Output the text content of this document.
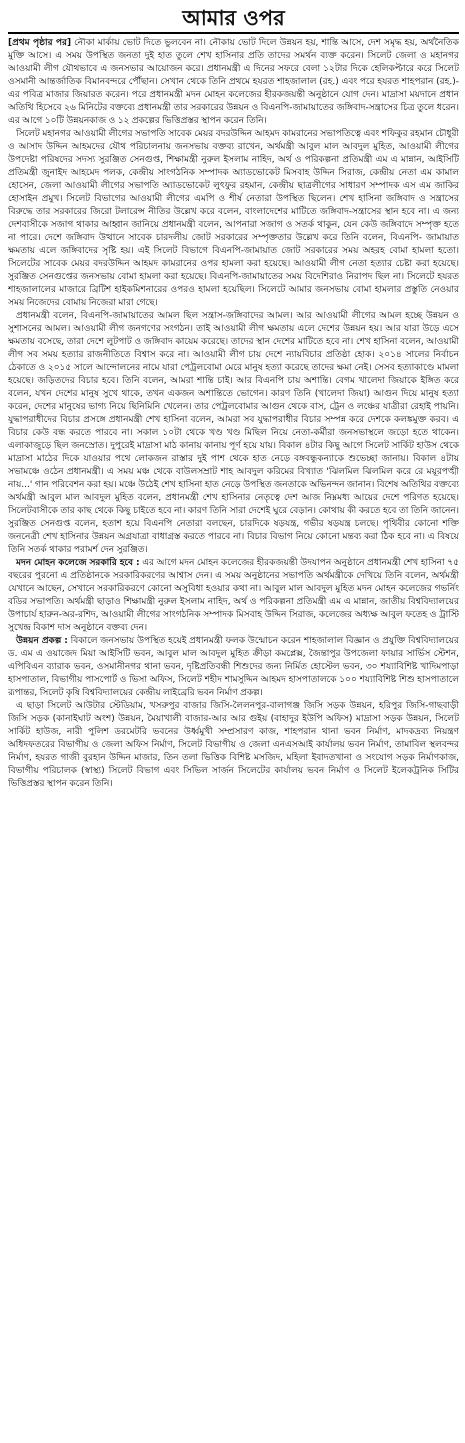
আমার ওপর

[প্রথম পৃষ্ঠার পর] নৌকা মার্কায় ভোট দিতে ভুলবেন না। নৌকায় ভোট দিলে উন্নয়ন হয়, শান্তি আসে, দেশ সমৃদ্ধ হয়, অর্থনৈতিক মুক্তি আসে। এ সময় উপস্থিত জনতা দুই হাত তুলে শেখ হাসিনার প্রতি তাদের সমর্থন ব্যক্ত করেন। সিলেট জেলা ও মহানগর আওয়ামী লীগ যৌথভাবে এ জনসভার আয়োজন করে। প্রধানমন্ত্রী এ দিনের সফরে বেলা ১২টার দিকে হেলিকপ্টারে করে সিলেট ওসমানী আন্তর্জাতিক বিমানবন্দরে পৌঁছান। সেখান থেকে তিনি প্রথমে হযরত শাহজালাল (রহ.) এবং পরে হযরত শাহপরান (রহ.)-এর পবিত্র মাজার জিয়ারত করেন। পরে প্রধানমন্ত্রী মদন মোহন কলেজের হীরকজয়ন্তী অনুষ্ঠানে যোগ দেন। মাদ্রাসা ময়দানে প্রধান অতিথি হিসেবে ২৬ মিনিটের বক্তব্যে প্রধানমন্ত্রী তার সরকারের উন্নয়ন ও বিএনপি-জামায়াতের জঙ্গিবাদ-সন্ত্রাসের চিত্র তুলে ধরেন। এর আগে ১০টি উন্নয়নকাজ ও ১২ প্রকল্পের ভিত্তিপ্রস্তর স্থাপন করেন তিনি।

সিলেট মহানগর আওয়ামী লীগের সভাপতি সাবেক মেয়র বদরউদ্দিন আহমদ কামরানের সভাপতিত্বে এবং শফিকুর রহমান চৌধুরী ও আসাদ উদ্দিন আহমদের যৌথ পরিচালনায় জনসভায় বক্তব্য রাখেন, অর্থমন্ত্রী আবুল মাল আবদুল মুহিত, আওয়ামী লীগের উপদেষ্টা পরিষদের সদস্য সুরঞ্জিত সেনগুপ্ত, শিক্ষামন্ত্রী নুরুল ইসলাম নাহিদ, অর্থ ও পরিকল্পনা প্রতিমন্ত্রী এম এ মান্নান, আইসিটি প্রতিমন্ত্রী জুনাইদ আহমেদ পলক, কেন্দ্রীয় সাংগঠনিক সম্পাদক অ্যাডভোকেট মিসবাহ উদ্দিন সিরাজ, কেন্দ্রীয় নেতা এম কামাল হোসেন, জেলা আওয়ামী লীগের সভাপতি অ্যাডভোকেট লুৎফুর রহমান, কেন্দ্রীয় ছাত্রলীগের সাধারণ সম্পাদক এস এম জাকির হোসাইন প্রমুখ। সিলেট বিভাগের আওয়ামী লীগের এমপি ও শীর্ষ নেতারা উপস্থিত ছিলেন। শেখ হাসিনা জঙ্গিবাদ ও সন্ত্রাসের বিরুদ্ধে তার সরকারের জিরো টলারেন্স নীতির উল্লেখ করে বলেন, বাংলাদেশের মাটিতে জঙ্গিবাদ-সন্ত্রাসের স্থান হবে না। এ জন্য দেশবাসীকে সজাগ থাকার আহ্বান জানিয়ে প্রধানমন্ত্রী বলেন, আপনারা সজাগ ও সতর্ক থাকুন, যেন কেউ জঙ্গিবাদে সম্পৃক্ত হতে না পারে। দেশে জঙ্গিবাদ উত্থানে সাবেক চারদলীয় জোট সরকারের সম্পৃক্ততার উল্লেখ করে তিনি বলেন, বিএনপি- জামায়াত ক্ষমতায় এলে জঙ্গিবাদের সৃষ্টি হয়। এই সিলেট বিভাগে বিএনপি-জামায়াত জোট সরকারের সময় অহরহ বোমা হামলা হতো। সিলেটের সাবেক মেয়র বদরউদ্দিন আহমদ কামরানের ওপর হামলা করা হয়েছে। আওয়ামী লীগ নেতা হত্যার চেষ্টা করা হয়েছে। সুরঞ্জিত সেনগুপ্তের জনসভায় বোমা হামলা করা হয়েছে। বিএনপি-জামায়াতের সময় বিদেশিরাও নিরাপদ ছিল না। সিলেটে হযরত শাহজালালের মাজারে ব্রিটিশ হাইকমিশনারের ওপরও হামলা হয়েছিল। সিলেটে আমার জনসভায় বোমা হামলার প্রস্তুতি নেওয়ার সময় নিজেদের বোমায় নিজেরা মারা গেছে।

প্রধানমন্ত্রী বলেন, বিএনপি-জামায়াতের আমল ছিল সন্ত্রাস-জঙ্গিবাদের আমল। আর আওয়ামী লীগের আমল হচ্ছে উন্নয়ন ও সুশাসনের আমল। আওয়ামী লীগ জনগণের সংগঠন। তাই আওয়ামী লীগ ক্ষমতায় এলে দেশের উন্নয়ন হয়। আর যারা উড়ে এসে ক্ষমতায় বসেছে, তারা দেশে লুটপাট ও জঙ্গিবাদ কায়েম করেছে। তাদের স্থান দেশের মাটিতে হবে না। শেখ হাসিনা বলেন, আওয়ামী লীগ সব সময় হত্যার রাজনীতিতে বিশ্বাস করে না। আওয়ামী লীগ চায় দেশে ন্যায়বিচার প্রতিষ্ঠা হোক। ২০১৪ সালের নির্বাচন ঠেকাতে ও ২০১৫ সালে আন্দোলনের নামে যারা পেট্রলবোমা মেরে মানুষ হত্যা করেছে তাদের ক্ষমা নেই। সেসব হত্যাকাণ্ডে মামলা হয়েছে। জড়িতদের বিচার হবে। তিনি বলেন, আমরা শান্তি চাই। আর বিএনপি চায় অশান্তি। বেগম খালেদা জিয়াকে ইঙ্গিত করে বলেন, যখন দেশের মানুষ সুখে থাকে, তখন একজন অশান্তিতে ভোগেন। কারণ তিনি (খালেদা জিয়া) আগুন দিয়ে মানুষ হত্যা করেন, দেশের মানুষের ভাগ্য নিয়ে ছিনিমিনি খেলেন। তার পেট্রলবোমার আগুন থেকে বাস, ট্রেন ও লঞ্চের যাত্রীরা রেহাই পায়নি। যুদ্ধাপরাধীদের বিচার প্রসঙ্গে প্রধানমন্ত্রী শেখ হাসিনা বলেন, আমরা সব যুদ্ধাপরাধীর বিচার সম্পন্ন করে দেশকে কলঙ্কমুক্ত করব। এ বিচার কেউ বন্ধ করতে পারবে না। সকাল ১০টা থেকে খণ্ড খণ্ড মিছিল নিয়ে নেতা-কর্মীরা জনসভাস্থলে জড়ো হতে থাকেন। এলাকাজুড়ে ছিল জনস্রোত। দুপুরেই মাদ্রাসা মাঠ কানায় কানায় পূর্ণ হয়ে যায়। বিকাল ৪টার কিছু আগে সিলেট সার্কিট হাউস থেকে মাদ্রাসা মাঠের দিকে যাওয়ার পথে লোকজন রাস্তার দুই পাশ থেকে হাত নেড়ে বঙ্গবন্ধুকন্যাকে শুভেচ্ছা জানায়। বিকাল ৪টায় সভামঞ্চে ওঠেন প্রধানমন্ত্রী। এ সময় মঞ্চ থেকে বাউলসম্রাট শাহ আবদুল করিমের বিখ্যাত 'ঝিলমিল ঝিলমিল করে রে ময়ূরপঙ্খী নায়...' গান পরিবেশন করা হয়। মঞ্চে উঠেই শেখ হাসিনা হাত নেড়ে উপস্থিত জনতাকে অভিনন্দন জানান। বিশেষ অতিথির বক্তব্যে অর্থমন্ত্রী আবুল মাল আবদুল মুহিত বলেন, প্রধানমন্ত্রী শেখ হাসিনার নেতৃত্বে দেশ আজ নিম্নমধ্য আয়ের দেশে পরিণত হয়েছে। সিলেটবাসীকে তার কাছ থেকে কিছু চাইতে হবে না। কারণ তিনি সারা দেশেই ঘুরে বেড়ান। কোথায় কী করতে হবে তা তিনি জানেন। সুরঞ্জিত সেনগুপ্ত বলেন, হতাশ হয়ে বিএনপি নেতারা বলছেন, চারদিকে ষড়যন্ত্র, গভীর ষড়যন্ত্র চলছে। পৃথিবীর কোনো শক্তি জননেত্রী শেখ হাসিনার উন্নয়ন অগ্রযাত্রা বাধাগ্রস্ত করতে পারবে না। বিচার বিভাগ নিয়ে কোনো মন্তব্য করা ঠিক হবে না। এ বিষয়ে তিনি সতর্ক থাকার পরামর্শ দেন সুরঞ্জিত।

মদন মোহন কলেজে সরকারি হবে : এর আগে মদন মোহন কলেজের হীরকজয়ন্তী উদযাপন অনুষ্ঠানে প্রধানমন্ত্রী শেখ হাসিনা ৭৫ বছরের পুরনো এ প্রতিষ্ঠানকে সরকারিকরণের আশ্বাস দেন। এ সময় অনুষ্ঠানের সভাপতি অর্থমন্ত্রীকে দেখিয়ে তিনি বলেন, অর্থমন্ত্রী যেখানে আছেন, সেখানে সরকারিকরণে কোনো অসুবিধা হওয়ার কথা না। আবুল মাল আবদুল মুহিত মদন মোহন কলেজের গভর্নিং বডির সভাপতি। অর্থমন্ত্রী ছাড়াও শিক্ষামন্ত্রী নুরুল ইসলাম নাহিদ, অর্থ ও পরিকল্পনা প্রতিমন্ত্রী এম এ মান্নান, জাতীয় বিশ্ববিদ্যালয়ের উপাচার্য হারুন-অর-রশিদ, আওয়ামী লীগের সাংগঠনিক সম্পাদক মিসবাহ উদ্দিন সিরাজ, কলেজের অধ্যক্ষ আবুল ফতেহ ও ট্রাস্টি সুখেন্দ্র বিকাশ দাস অনুষ্ঠানে বক্তব্য দেন।

উন্নয়ন প্রকল্প : বিকালে জনসভায় উপস্থিত হয়েই প্রধানমন্ত্রী ফলক উন্মোচন করেন শাহজালাল বিজ্ঞান ও প্রযুক্তি বিশ্ববিদ্যালয়ের ড. এম এ ওয়াজেদ মিয়া আইসিটি ভবন, আবুল মাল আবদুল মুহিত ক্রীড়া কমপ্লেক্স, জৈন্তাপুর উপজেলা ফায়ার সার্ভিস স্টেশন, এপিবিএন ব্যারাক ভবন, ওসমানীনগর থানা ভবন, দৃষ্টিপ্রতিবন্ধী শিশুদের জন্য নির্মিত হোস্টেল ভবন, ৩০ শয্যাবিশিষ্ট খাদিমপাড়া হাসপাতাল, বিভাগীয় পাসপোর্ট ও ভিসা অফিস, সিলেট শহীদ শামসুদ্দিন আহমদ হাসপাতালকে ১০০ শয্যাবিশিষ্ট শিশু হাসপাতালে রূপান্তর, সিলেট কৃষি বিশ্ববিদ্যালয়ের কেন্দ্রীয় লাইব্রেরি ভবন নির্মাণ প্রকল্প।

এ ছাড়া সিলেট আউটার স্টেডিয়াম, খসরুপুর বাজার জিসি-লৈলনপুর-বালাগঞ্জ জিসি সড়ক উন্নয়ন, হরিপুর জিসি-গাছবাড়ী জিসি সড়ক (কানাইঘাট অংশ) উন্নয়ন, মৈয়াখালী বাজার-আর আর গুইয় (বাহাদুর ইউপি অফিস) মাদ্রাসা সড়ক উন্নয়ন, সিলেট সার্কিট হাউজ, নারী পুলিশ ডরমেটরি ভবনের উর্ধ্বমুখী সম্প্রসারণ কাজ, শাহপরান থানা ভবন নির্মাণ, মাদকদ্রব্য নিয়ন্ত্রণ অধিদফতরের বিভাগীয় ও জেলা অফিস নির্মাণ, সিলেট বিভাগীয় ও জেলা এনএসআই কার্যালয় ভবন নির্মাণ, তামাবিল স্থলবন্দর নির্মাণ, হযরত গাজী বুরহান উদ্দিন মাজার, তিন তলা ভিত্তিক বিশিষ্ট মসজিদ, মহিলা ইবাদতখানা ও সংযোগ সড়ক নির্মাণকাজ, বিভাগীয় পরিচালক (স্বাস্থ্য) সিলেট বিভাগ এবং সিভিল সার্জন সিলেটের কার্যালয় ভবন নির্মাণ ও সিলেট ইলেকট্রনিক সিটির ভিত্তিপ্রস্তর স্থাপন করেন তিনি।
